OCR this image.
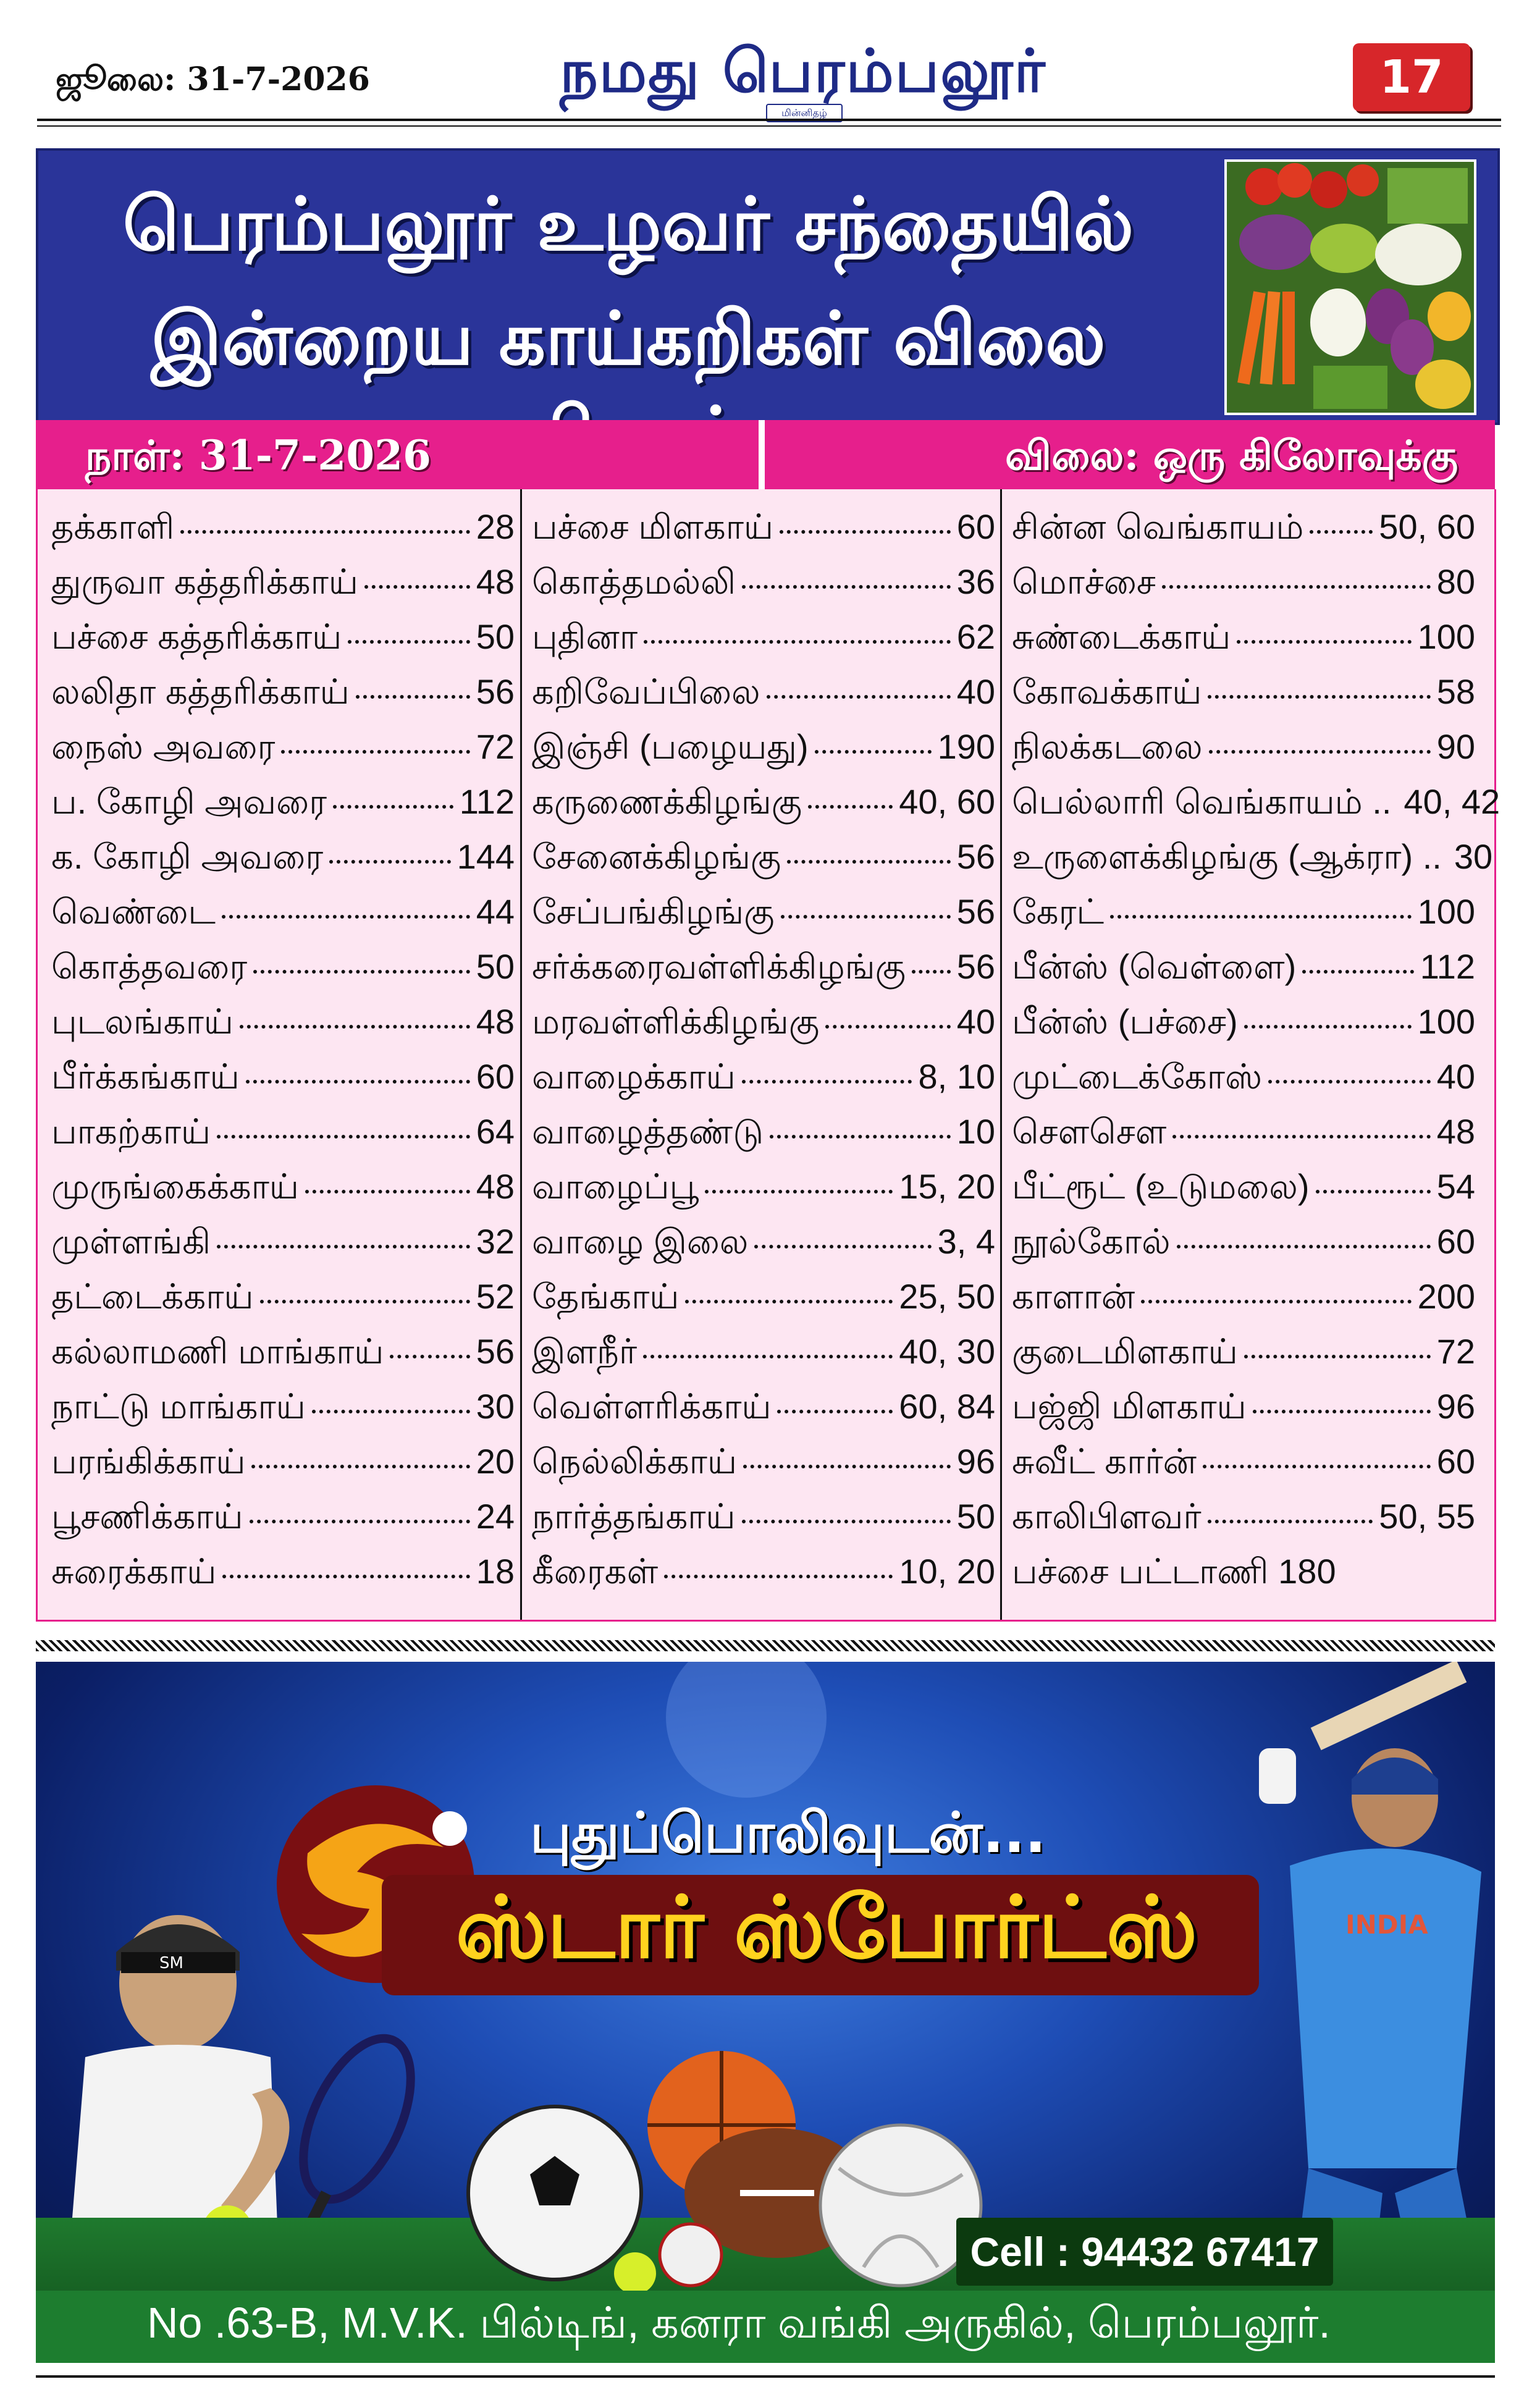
ஜூலை: 31-7-2026	நமது பெரம்பலூர்
மின்னிதழ்
17
பெரம்பலூர் உழவர் சந்தையில்
இன்றைய காய்கறிகள் விலை
நாள்: 31-7-2026	விலை: ஒரு கிலோவுக்கு
தக்காளி	28
துருவா கத்தரிக்காய்	48
பச்சை கத்தரிக்காய்	50
லலிதா கத்தரிக்காய்	56
நைஸ் அவரை	72
ப. கோழி அவரை	112
க. கோழி அவரை	144
வெண்டை	44
கொத்தவரை	50
புடலங்காய்	48
பீர்க்கங்காய்	60
பாகற்காய்	64
முருங்கைக்காய்	48
முள்ளங்கி	32
தட்டைக்காய்	52
கல்லாமணி மாங்காய்	56
நாட்டு மாங்காய்	30
பரங்கிக்காய்	20
பூசணிக்காய்	24
சுரைக்காய்	18
பச்சை மிளகாய்	60
கொத்தமல்லி	36
புதினா	62
கறிவேப்பிலை	40
இஞ்சி (பழையது)	190
கருணைக்கிழங்கு	40, 60
சேனைக்கிழங்கு	56
சேப்பங்கிழங்கு	56
சர்க்கரைவள்ளிக்கிழங்கு 56
மரவள்ளிக்கிழங்கு	40
வாழைக்காய்	8, 10
வாழைத்தண்டு	10
வாழைப்பூ	15, 20
வாழை இலை	3, 4
தேங்காய்	25, 50
இளநீர்	40, 30
வெள்ளரிக்காய்	60, 84
நெல்லிக்காய்	96
நார்த்தங்காய்	50
கீரைகள்	10, 20
சின்ன வெங்காயம் 50, 60
மொச்சை	80
சுண்டைக்காய்	100
கோவக்காய்	58
நிலக்கடலை	90
பெல்லாரி வெங்காயம் .. 40, 42
உருளைக்கிழங்கு (ஆக்ரா) .. 30
கேரட்	100
பீன்ஸ் (வெள்ளை)	112
பீன்ஸ் (பச்சை)	100
முட்டைக்கோஸ்	40
சௌசௌ	48
பீட்ரூட் (உடுமலை)	54
நூல்கோல்	60
காளான்	200
குடைமிளகாய்	72
பஜ்ஜி மிளகாய்	96
சுவீட் கார்ன்	60
காலிபிளவர்	50, 55
பச்சை பட்டாணி 180
SM
INDIA
புதுப்பொலிவுடன்...
ஸ்டார் ஸ்போர்ட்ஸ்
Cell : 94432 67417
No .63-B, M.V.K. பில்டிங், கனரா வங்கி அருகில், பெரம்பலூர்.
